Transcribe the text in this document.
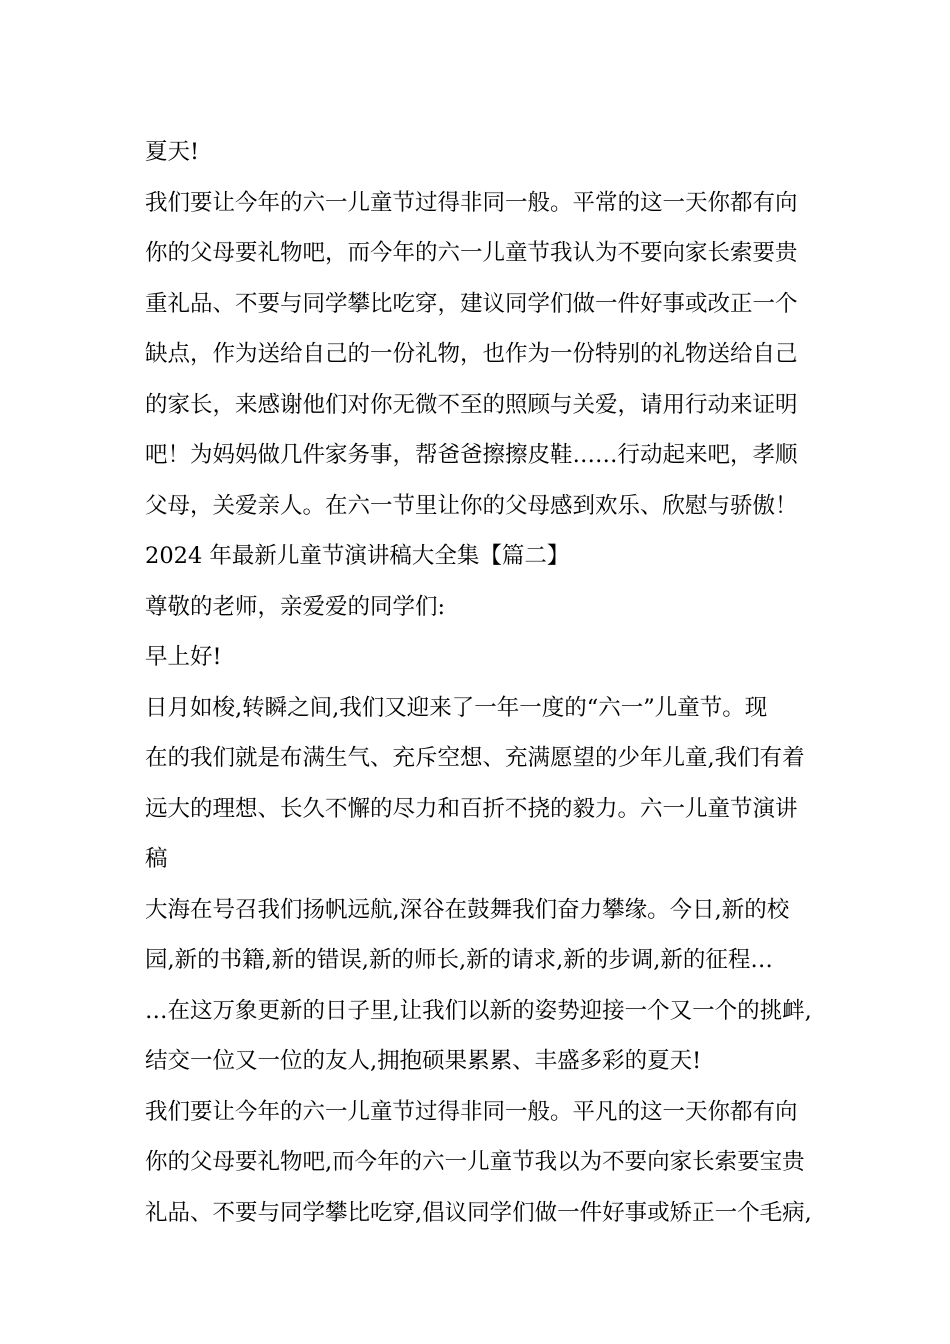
夏天!
我们要让今年的六一儿童节过得非同一般。平常的这一天你都有向
你的父母要礼物吧，而今年的六一儿童节我认为不要向家长索要贵
重礼品、不要与同学攀比吃穿，建议同学们做一件好事或改正一个
缺点，作为送给自己的一份礼物，也作为一份特别的礼物送给自己
的家长，来感谢他们对你无微不至的照顾与关爱，请用行动来证明
吧！为妈妈做几件家务事，帮爸爸擦擦皮鞋……行动起来吧，孝顺
父母，关爱亲人。在六一节里让你的父母感到欢乐、欣慰与骄傲！
2024 年最新儿童节演讲稿大全集【篇二】
尊敬的老师，亲爱爱的同学们:
早上好!
日月如梭,转瞬之间,我们又迎来了一年一度的“六一”儿童节。现
在的我们就是布满生气、充斥空想、充满愿望的少年儿童,我们有着
远大的理想、长久不懈的尽力和百折不挠的毅力。六一儿童节演讲
稿
大海在号召我们扬帆远航,深谷在鼓舞我们奋力攀缘。今日,新的校
园,新的书籍,新的错误,新的师长,新的请求,新的步调,新的征程…
…在这万象更新的日子里,让我们以新的姿势迎接一个又一个的挑衅,
结交一位又一位的友人,拥抱硕果累累、丰盛多彩的夏天!
我们要让今年的六一儿童节过得非同一般。平凡的这一天你都有向
你的父母要礼物吧,而今年的六一儿童节我以为不要向家长索要宝贵
礼品、不要与同学攀比吃穿,倡议同学们做一件好事或矫正一个毛病,
